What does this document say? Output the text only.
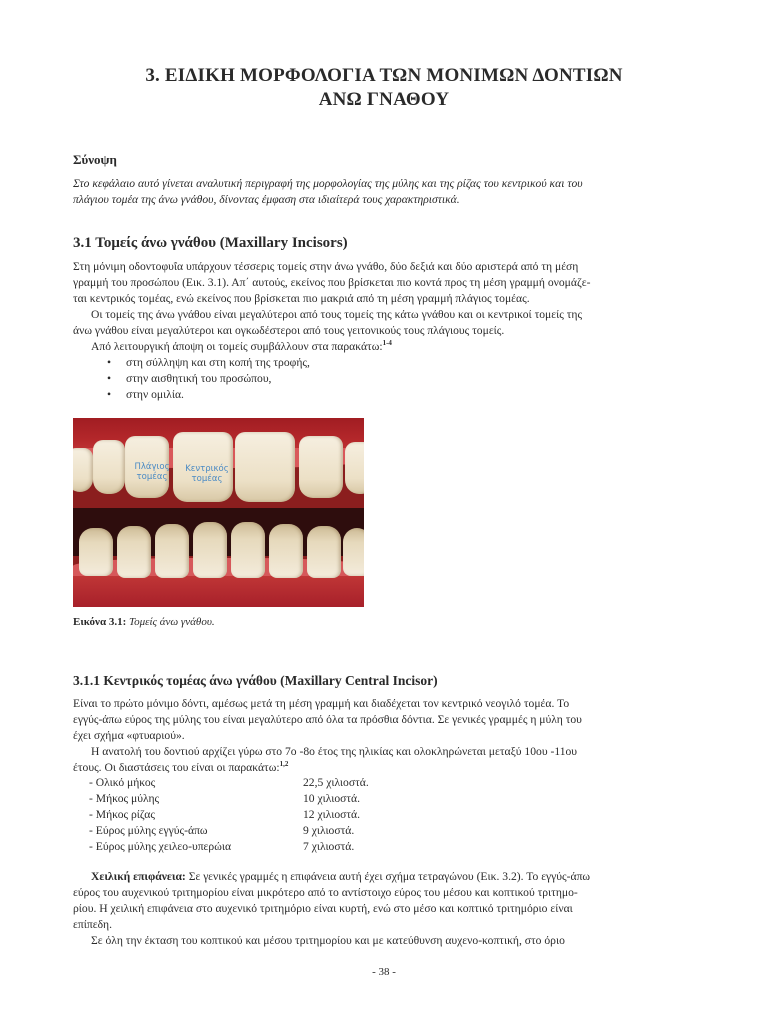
3. ΕΙΔΙΚΗ ΜΟΡΦΟΛΟΓΙΑ ΤΩΝ ΜΟΝΙΜΩΝ ΔΟΝΤΙΩΝ
ΑΝΩ ΓΝΑΘΟΥ
Σύνοψη
Στο κεφάλαιο αυτό γίνεται αναλυτική περιγραφή της μορφολογίας της μύλης και της ρίζας του κεντρικού και του
πλάγιου τομέα της άνω γνάθου, δίνοντας έμφαση στα ιδιαίτερά τους χαρακτηριστικά.
3.1 Τομείς άνω γνάθου (Maxillary Incisors)
Στη μόνιμη οδοντοφυΐα υπάρχουν τέσσερις τομείς στην άνω γνάθο, δύο δεξιά και δύο αριστερά από τη μέση
γραμμή του προσώπου (Εικ. 3.1). Απ΄ αυτούς, εκείνος που βρίσκεται πιο κοντά προς τη μέση γραμμή ονομάζε-
ται κεντρικός τομέας, ενώ εκείνος που βρίσκεται πιο μακριά από τη μέση γραμμή πλάγιος τομέας.
Οι τομείς της άνω γνάθου είναι μεγαλύτεροι από τους τομείς της κάτω γνάθου και οι κεντρικοί τομείς της
άνω γνάθου είναι μεγαλύτεροι και ογκωδέστεροι από τους γειτονικούς τους πλάγιους τομείς.
Από λειτουργική άποψη οι τομείς συμβάλλουν στα παρακάτω:$^{1-4}$
• στη σύλληψη και στη κοπή της τροφής,
• στην αισθητική του προσώπου,
• στην ομιλία.
Πλάγιος
τομέας
Κεντρικός
τομέας
Εικόνα 3.1: Τομείς άνω γνάθου.
3.1.1 Κεντρικός τομέας άνω γνάθου (Maxillary Central Incisor)
Είναι το πρώτο μόνιμο δόντι, αμέσως μετά τη μέση γραμμή και διαδέχεται τον κεντρικό νεογιλό τομέα. Το
εγγύς-άπω εύρος της μύλης του είναι μεγαλύτερο από όλα τα πρόσθια δόντια. Σε γενικές γραμμές η μύλη του
έχει σχήμα «φτυαριού».
Η ανατολή του δοντιού αρχίζει γύρω στο 7ο -8ο έτος της ηλικίας και ολοκληρώνεται μεταξύ 10ου -11ου
έτους. Οι διαστάσεις του είναι οι παρακάτω:$^{1,2}$
- Ολικό μήκος	22,5 χιλιοστά.
- Μήκος μύλης	10 χιλιοστά.
- Μήκος ρίζας	12 χιλιοστά.
- Εύρος μύλης εγγύς-άπω	9 χιλιοστά.
- Εύρος μύλης χειλεο-υπερώια	7 χιλιοστά.
Χειλική επιφάνεια: Σε γενικές γραμμές η επιφάνεια αυτή έχει σχήμα τετραγώνου (Εικ. 3.2). Το εγγύς-άπω
εύρος του αυχενικού τριτημορίου είναι μικρότερο από το αντίστοιχο εύρος του μέσου και κοπτικού τριτημο-
ρίου. Η χειλική επιφάνεια στο αυχενικό τριτημόριο είναι κυρτή, ενώ στο μέσο και κοπτικό τριτημόριο είναι
επίπεδη.
Σε όλη την έκταση του κοπτικού και μέσου τριτημορίου και με κατεύθυνση αυχενο-κοπτική, στο όριο
- 38 -
